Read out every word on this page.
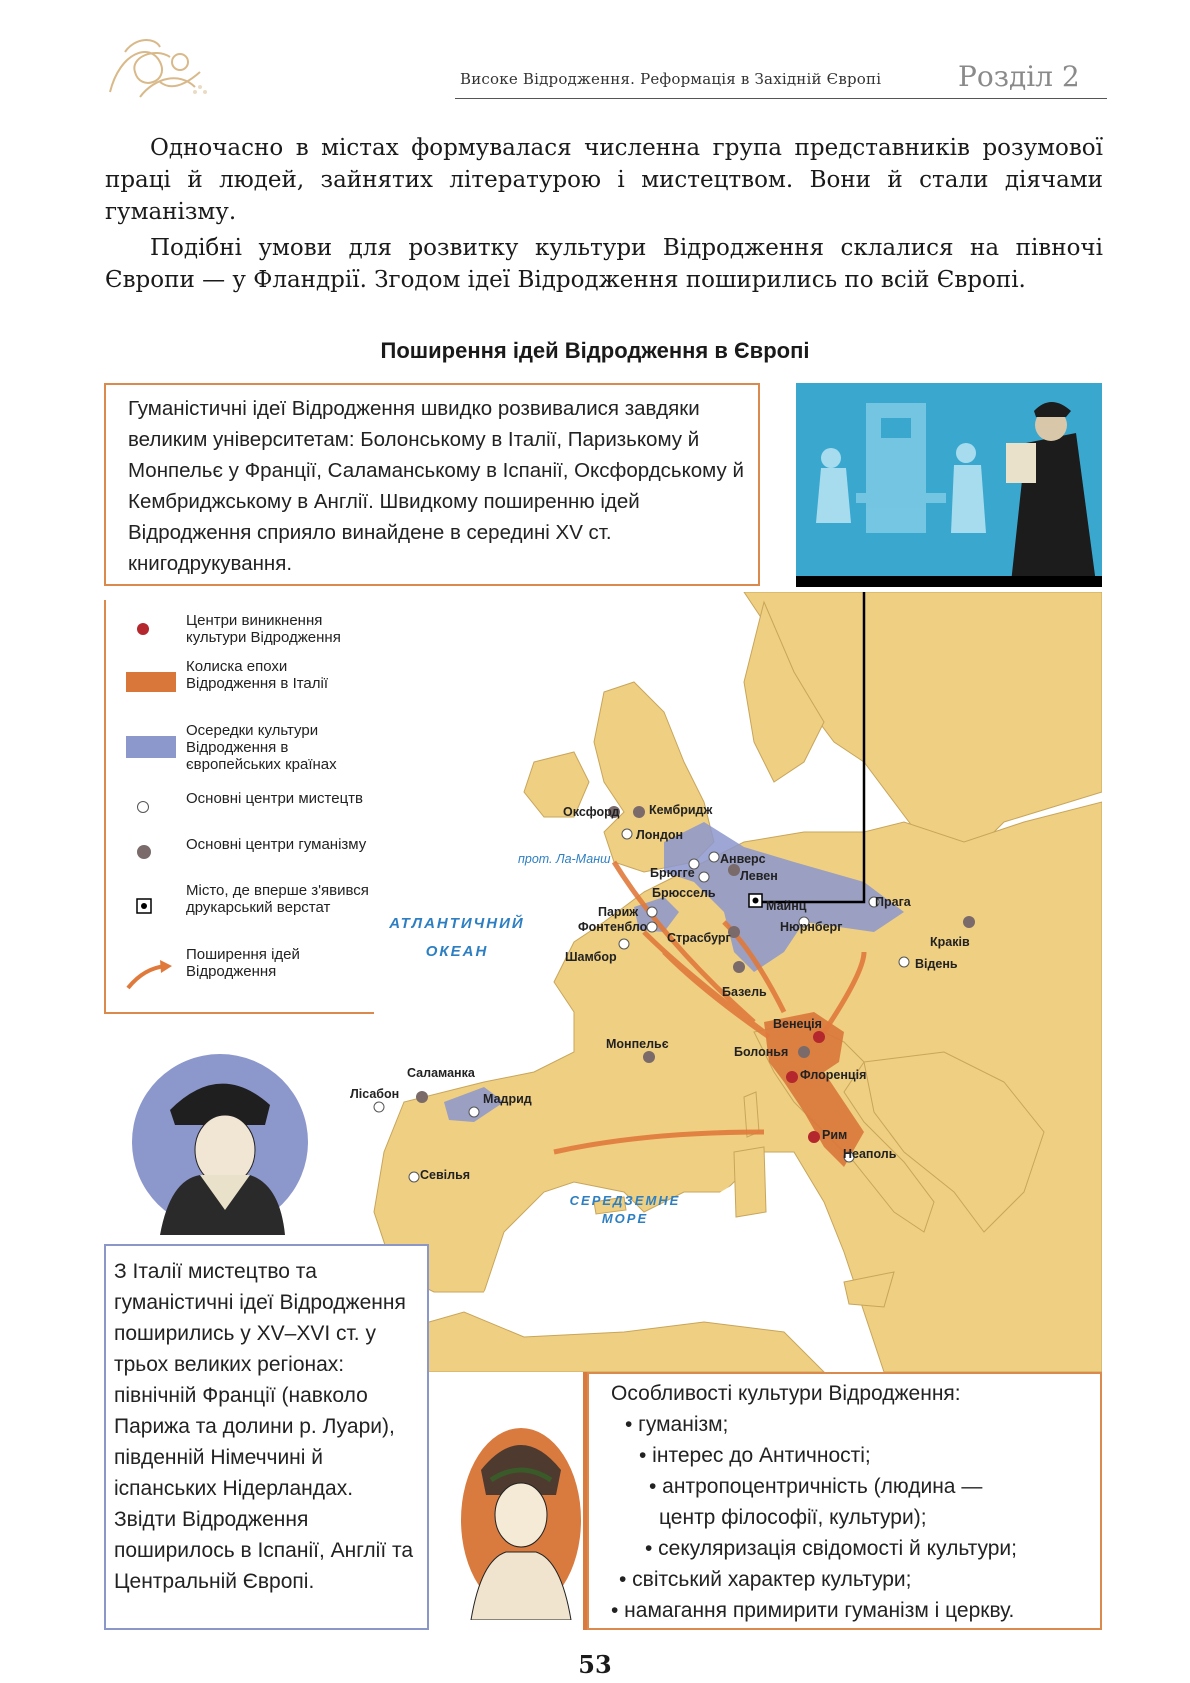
Високе Відродження. Реформація в Західній Європі	Розділ 2
Одночасно в містах формувалася численна група представників розумової праці й людей, зайнятих літературою і мистецтвом. Вони й стали діячами гуманізму.
Подібні умови для розвитку культури Відродження склалися на півночі Європи — у Фландрії. Згодом ідеї Відродження поширились по всій Європі.
Поширення ідей Відродження в Європі
Оксфорд Кембридж
Лондон
прот. Ла-Манш	Анверс
Брюгге	Левен
Брюссель
Майнц	Прага
Париж
Фонтенбло
Страсбург
Нюрнберг
Краків
Шамбор	Відень
Базель
Венеція
Монпельє
Болонья
Флоренція
Саламанка
Лісабон	Мадрид
Рим
Неаполь
Севілья
АТЛАНТИЧНИЙ ОКЕАН
СЕРЕДЗЕМНЕ МОРЕ
Гуманістичні ідеї Відродження швидко розвивалися завдяки великим університетам: Болонському в Італії, Паризькому й Монпельє у Франції, Саламанському в Іспанії, Оксфордському й Кембриджському в Англії. Швидкому поширенню ідей Відродження сприяло винайдене в середині XV ст. книгодрукування.
Центри виникнення культури Відродження
Колиска епохи Відродження в Італії
Осередки культури Відродження в європейських країнах
Основні центри мистецтв
Основні центри гуманізму
Місто, де вперше з'явився друкарський верстат
Поширення ідей Відродження
З Італії мистецтво та гуманістичні ідеї Відродження поширились у XV–XVI ст. у трьох великих регіонах: північній Франції (навколо Парижа та долини р. Луари), південній Німеччині й іспанських Нідерландах. Звідти Відродження поширилось в Іспанії, Англії та Центральній Європі.
Особливості культури Відродження:
• гуманізм;
• інтерес до Античності;
• антропоцентричність (людина —
центр філософії, культури);
• секуляризація свідомості й культури;
• світський характер культури;
• намагання примирити гуманізм і церкву.
53
